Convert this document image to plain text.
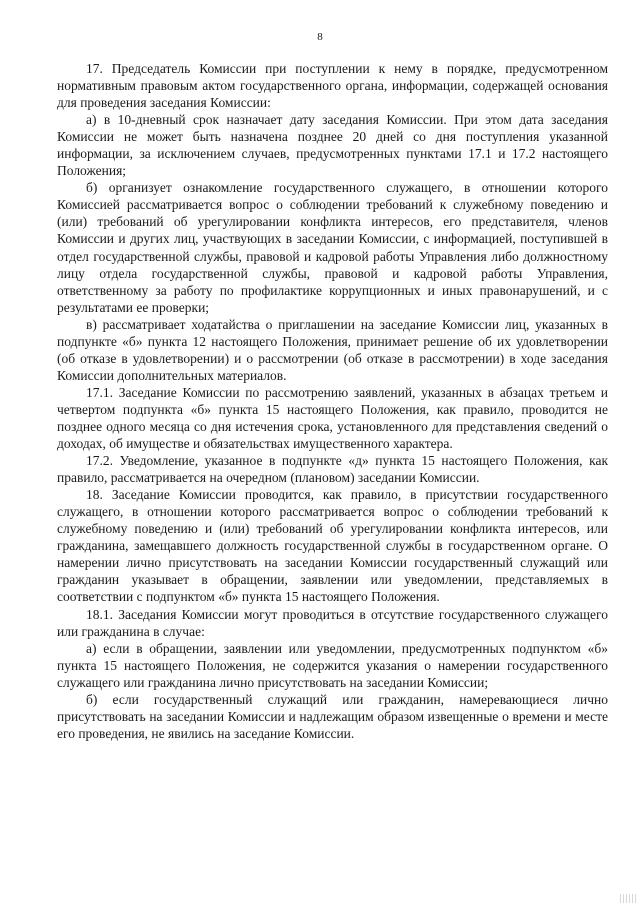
8

17. Председатель Комиссии при поступлении к нему в порядке, предусмотренном нормативным правовым актом государственного органа, информации, содержащей основания для проведения заседания Комиссии:

а) в 10-дневный срок назначает дату заседания Комиссии. При этом дата заседания Комиссии не может быть назначена позднее 20 дней со дня поступления указанной информации, за исключением случаев, предусмотренных пунктами 17.1 и 17.2 настоящего Положения;

б) организует ознакомление государственного служащего, в отношении которого Комиссией рассматривается вопрос о соблюдении требований к служебному поведению и (или) требований об урегулировании конфликта интересов, его представителя, членов Комиссии и других лиц, участвующих в заседании Комиссии, с информацией, поступившей в отдел государственной службы, правовой и кадровой работы Управления либо должностному лицу отдела государственной службы, правовой и кадровой работы Управления, ответственному за работу по профилактике коррупционных и иных правонарушений, и с результатами ее проверки;

в) рассматривает ходатайства о приглашении на заседание Комиссии лиц, указанных в подпункте «б» пункта 12 настоящего Положения, принимает решение об их удовлетворении (об отказе в удовлетворении) и о рассмотрении (об отказе в рассмотрении) в ходе заседания Комиссии дополнительных материалов.

17.1. Заседание Комиссии по рассмотрению заявлений, указанных в абзацах третьем и четвертом подпункта «б» пункта 15 настоящего Положения, как правило, проводится не позднее одного месяца со дня истечения срока, установленного для представления сведений о доходах, об имуществе и обязательствах имущественного характера.

17.2. Уведомление, указанное в подпункте «д» пункта 15 настоящего Положения, как правило, рассматривается на очередном (плановом) заседании Комиссии.

18. Заседание Комиссии проводится, как правило, в присутствии государственного служащего, в отношении которого рассматривается вопрос о соблюдении требований к служебному поведению и (или) требований об урегулировании конфликта интересов, или гражданина, замещавшего должность государственной службы в государственном органе. О намерении лично присутствовать на заседании Комиссии государственный служащий или гражданин указывает в обращении, заявлении или уведомлении, представляемых в соответствии с подпунктом «б» пункта 15 настоящего Положения.

18.1. Заседания Комиссии могут проводиться в отсутствие государственного служащего или гражданина в случае:

а) если в обращении, заявлении или уведомлении, предусмотренных подпунктом «б» пункта 15 настоящего Положения, не содержится указания о намерении государственного служащего или гражданина лично присутствовать на заседании Комиссии;

б) если государственный служащий или гражданин, намеревающиеся лично присутствовать на заседании Комиссии и надлежащим образом извещенные о времени и месте его проведения, не явились на заседание Комиссии.
